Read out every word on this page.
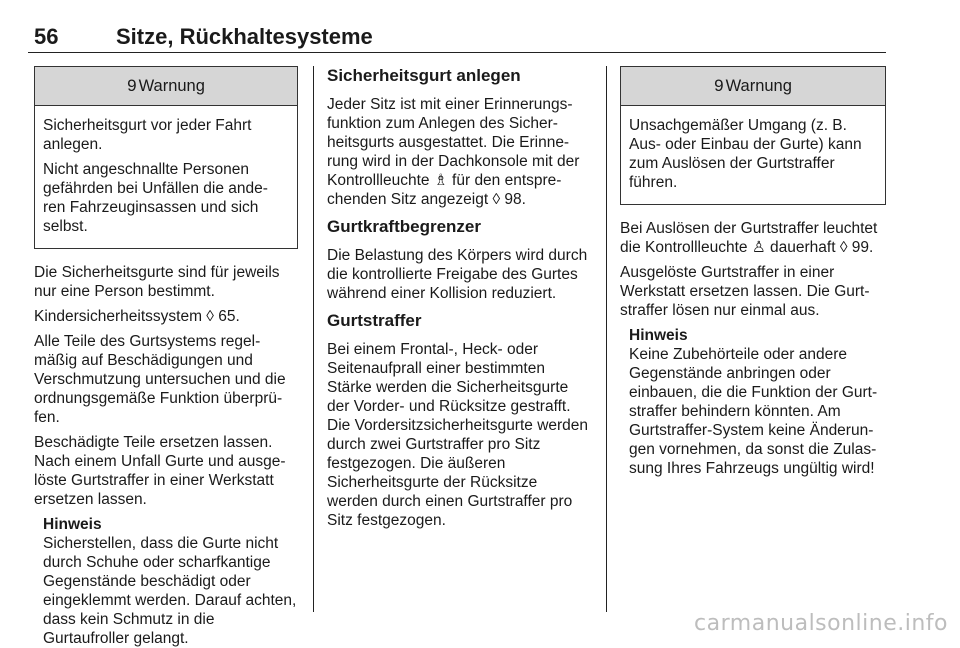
56	Sitze, Rückhaltesysteme
9 Warnung

Sicherheitsgurt vor jeder Fahrt anlegen.

Nicht angeschnallte Personen gefährden bei Unfällen die ande-ren Fahrzeuginsassen und sich selbst.

Die Sicherheitsgurte sind für jeweils nur eine Person bestimmt.

Kindersicherheitssystem ◊ 65.

Alle Teile des Gurtsystems regel-mäßig auf Beschädigungen und Verschmutzung untersuchen und die ordnungsgemäße Funktion überprü-fen.

Beschädigte Teile ersetzen lassen. Nach einem Unfall Gurte und ausge-löste Gurtstraffer in einer Werkstatt ersetzen lassen.

Hinweis

Sicherstellen, dass die Gurte nicht durch Schuhe oder scharfkantige Gegenstände beschädigt oder eingeklemmt werden. Darauf achten, dass kein Schmutz in die Gurtaufroller gelangt.

Sicherheitsgurt anlegen

Jeder Sitz ist mit einer Erinnerungs-funktion zum Anlegen des Sicher-heitsgurts ausgestattet. Die Erinne-rung wird in der Dachkonsole mit der Kontrollleuchte ♗ für den entspre-chenden Sitz angezeigt ◊ 98.

Gurtkraftbegrenzer

Die Belastung des Körpers wird durch die kontrollierte Freigabe des Gurtes während einer Kollision reduziert.

Gurtstraffer

Bei einem Frontal-, Heck- oder Seitenaufprall einer bestimmten Stärke werden die Sicherheitsgurte der Vorder- und Rücksitze gestrafft. Die Vordersitzsicherheitsgurte werden durch zwei Gurtstraffer pro Sitz festgezogen. Die äußeren Sicherheitsgurte der Rücksitze werden durch einen Gurtstraffer pro Sitz festgezogen.

9 Warnung

Unsachgemäßer Umgang (z. B. Aus- oder Einbau der Gurte) kann zum Auslösen der Gurtstraffer führen.

Bei Auslösen der Gurtstraffer leuchtet die Kontrollleuchte ♙ dauerhaft ◊ 99.

Ausgelöste Gurtstraffer in einer Werkstatt ersetzen lassen. Die Gurt-straffer lösen nur einmal aus.

Hinweis

Keine Zubehörteile oder andere Gegenstände anbringen oder einbauen, die die Funktion der Gurt-straffer behindern könnten. Am Gurtstraffer-System keine Änderun-gen vornehmen, da sonst die Zulas-sung Ihres Fahrzeugs ungültig wird!

carmanualsonline.info
